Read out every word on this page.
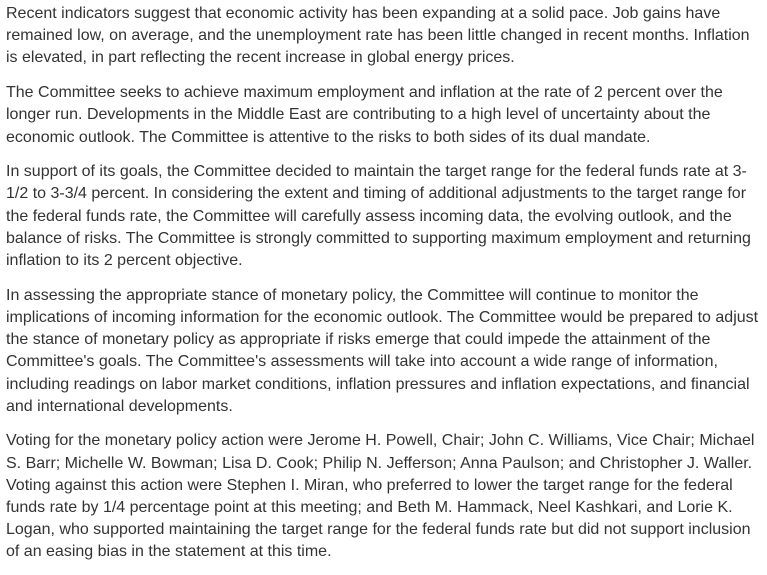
Recent indicators suggest that economic activity has been expanding at a solid pace. Job gains have remained low, on average, and the unemployment rate has been little changed in recent months. Inflation is elevated, in part reflecting the recent increase in global energy prices.

The Committee seeks to achieve maximum employment and inflation at the rate of 2 percent over the longer run. Developments in the Middle East are contributing to a high level of uncertainty about the economic outlook. The Committee is attentive to the risks to both sides of its dual mandate.

In support of its goals, the Committee decided to maintain the target range for the federal funds rate at 3-1/2 to 3-3/4 percent. In considering the extent and timing of additional adjustments to the target range for the federal funds rate, the Committee will carefully assess incoming data, the evolving outlook, and the balance of risks. The Committee is strongly committed to supporting maximum employment and returning inflation to its 2 percent objective.

In assessing the appropriate stance of monetary policy, the Committee will continue to monitor the implications of incoming information for the economic outlook. The Committee would be prepared to adjust the stance of monetary policy as appropriate if risks emerge that could impede the attainment of the Committee's goals. The Committee's assessments will take into account a wide range of information, including readings on labor market conditions, inflation pressures and inflation expectations, and financial and international developments.

Voting for the monetary policy action were Jerome H. Powell, Chair; John C. Williams, Vice Chair; Michael S. Barr; Michelle W. Bowman; Lisa D. Cook; Philip N. Jefferson; Anna Paulson; and Christopher J. Waller. Voting against this action were Stephen I. Miran, who preferred to lower the target range for the federal funds rate by 1/4 percentage point at this meeting; and Beth M. Hammack, Neel Kashkari, and Lorie K. Logan, who supported maintaining the target range for the federal funds rate but did not support inclusion of an easing bias in the statement at this time.
